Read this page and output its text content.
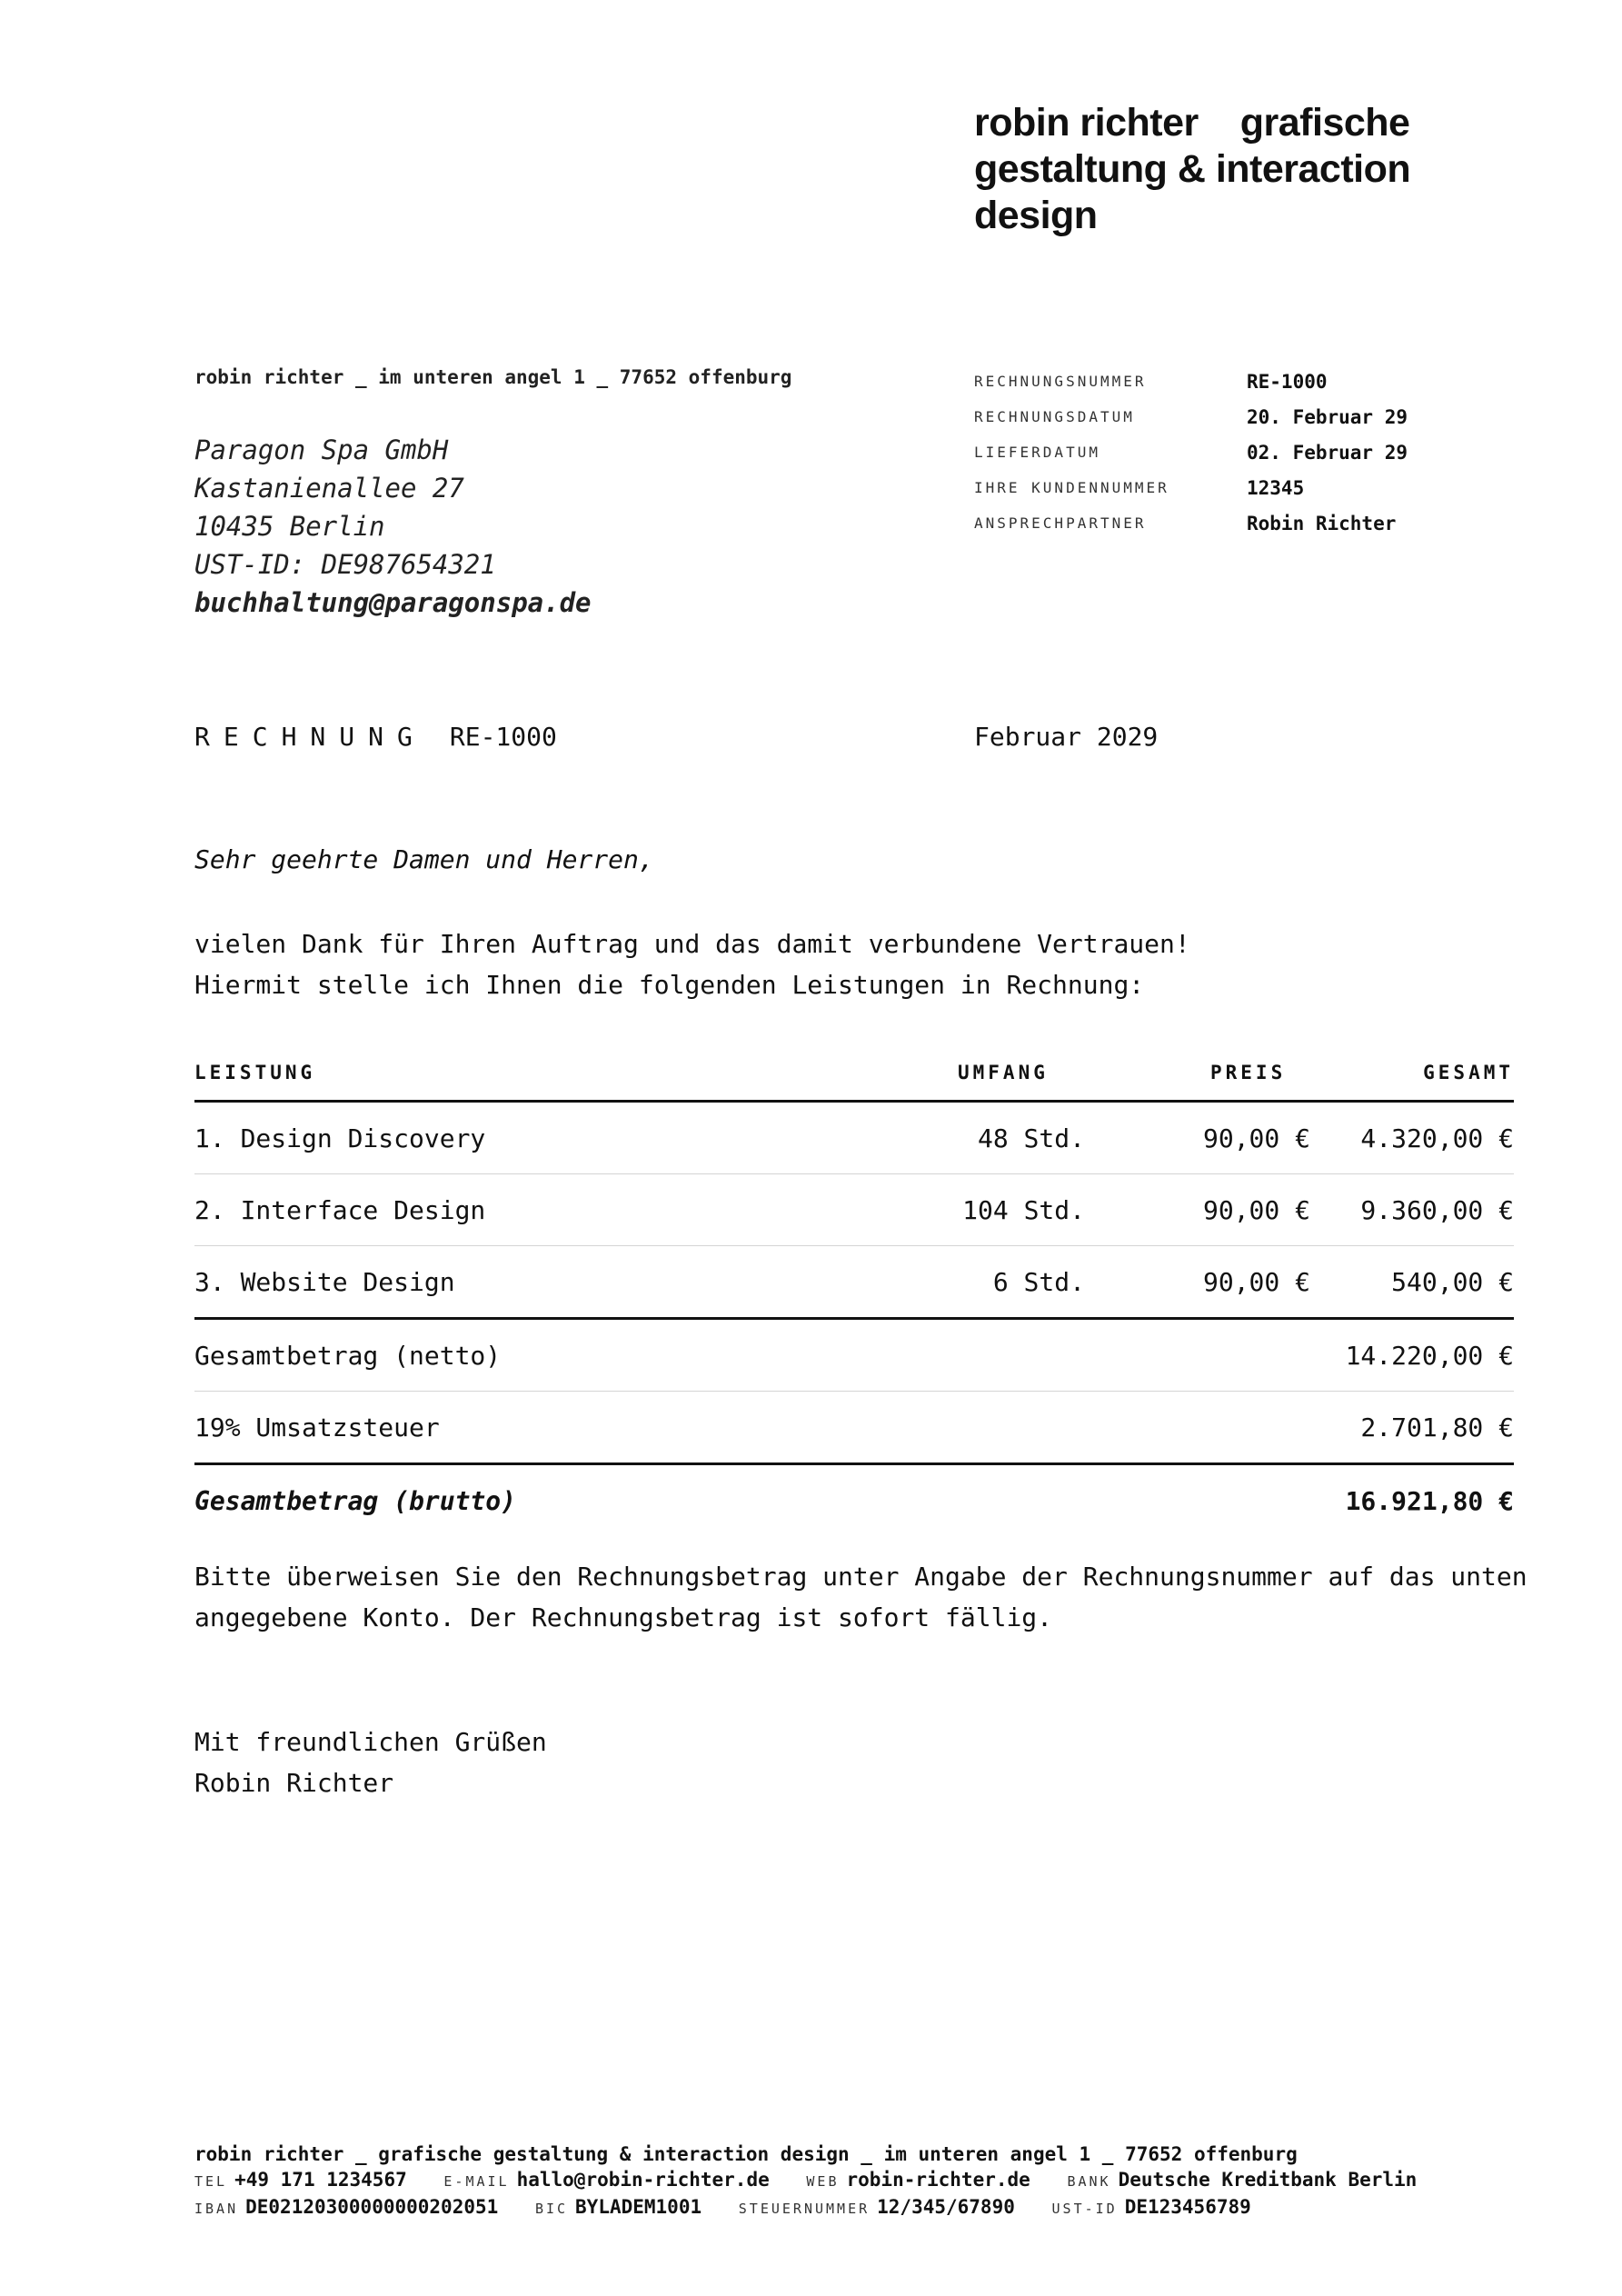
robin richter grafische gestaltung & interaction design
robin richter _ im unteren angel 1 _ 77652 offenburg
Paragon Spa GmbH
Kastanienallee 27
10435 Berlin
UST-ID: DE987654321
buchhaltung@paragonspa.de
RECHNUNGSNUMMER	RE-1000
RECHNUNGSDATUM	20. Februar 29
LIEFERDATUM	02. Februar 29
IHRE KUNDENNUMMER	12345
ANSPRECHPARTNER	Robin Richter
RECHNUNG RE-1000	Februar 2029
Sehr geehrte Damen und Herren,
vielen Dank für Ihren Auftrag und das damit verbundene Vertrauen!
Hiermit stelle ich Ihnen die folgenden Leistungen in Rechnung:
LEISTUNG	UMFANG	PREIS	GESAMT
1. Design Discovery	48 Std.	90,00 €	4.320,00 €
2. Interface Design	104 Std.	90,00 €	9.360,00 €
3. Website Design	6 Std.	90,00 €	540,00 €
Gesamtbetrag (netto)	14.220,00 €
19% Umsatzsteuer	2.701,80 €
Gesamtbetrag (brutto)	16.921,80 €
Bitte überweisen Sie den Rechnungsbetrag unter Angabe der Rechnungsnummer auf das unten
angegebene Konto. Der Rechnungsbetrag ist sofort fällig.
Mit freundlichen Grüßen
Robin Richter
robin richter _ grafische gestaltung & interaction design _ im unteren angel 1 _ 77652 offenburg
TEL +49 171 1234567	E-MAIL hallo@robin-richter.de	WEB robin-richter.de	BANK Deutsche Kreditbank Berlin
IBAN DE02120300000000202051	BIC BYLADEM1001	STEUERNUMMER 12/345/67890	UST-ID DE123456789
